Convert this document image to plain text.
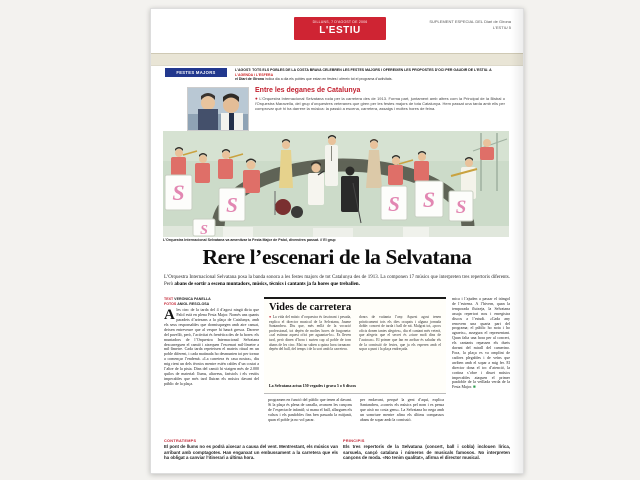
DILLUNS, 7 D'AGOST DE 2006
L'ESTIU
SUPLEMENT ESPECIAL DEL Diari de Girona
L'ESTIU 5
FESTES MAJORS	L'AGOST: TOTS ELS POBLES DE LA COSTA BRAVA CELEBREN LES FESTES MAJORS I OFEREIXEN LES PROPOSTES D'OCI PER GAUDIR DE L'ESTIU. A L'AGENDA i L'ESFERA
el Diari de Girona indica dia a dia els pobles que estan en festes i ofereix tot el programa d'activitats.
Entre les deganes de Catalunya
● L'Orquestra Internacional Selvatana roda per la carretera des de 1913. Forma part, juntament amb altres com la Principal de la Bisbal o l'Orquestra Maravella, del grup d'orquestres veteranes que giren per les festes majors de tota Catalunya. Hem passat una tarda amb ells per comprovar què hi ha darrere la música: la passió a escena, carretera, assaigs i moltes hores de feina.
S S
S
S S S
L'Orquestra Internacional Selvatana va amenitzar la Festa Major de Palol, divendres passat. // El grup
Rere l’escenari de la Selvatana
L’Orquestra Internacional Selvatana posa la banda sonora a les festes majors de tot Catalunya des de 1913. La componen 17 músics que interpreten tres repertoris diferents. Però abans de sortir a escena muntadors, músics, tècnics i cantants ja fa hores que treballen.
TEXT VERÒNICA PANELLA
FOTOS ANIOL RESCLOSA
A les cinc de la tarda del 4 d’agost ningú diria que Palol està en plena Festa Major. Només uns quants paradets d’artesans a la plaça de Catalunya, amb els seus responsables que dormisquegen amb aire cansat, deixen entreveure que al vespre hi haurà gresca. Darrere del pavelló, però, l’activitat és frenètica des de fa hores: els muntadors de l’Orquestra Internacional Selvatana descarreguen el camió i aixequen l’escenari mil·límetre a mil·límetre. Cada tarda repeteixen el mateix ritual en un poble diferent, i cada matinada ho desmunten tot per tornar a començar l’endemà. «La carretera és casa nostra», diu mig rient un dels tècnics mentre estén cables d’un costat a l’altre de la pista. Dins del camió hi viatgen més de 2.000 quilos de material: llums, altaveus, faristols i els vestits impecables que més tard lluiran els músics davant del públic de la plaça.
Vides de carretera
● La vida del músic d’orquestra és fascinant i pesada, explica el director musical de la Selvatana, Jaume Santandreu. Diu que, més enllà de la vocació professional, tot depèn de moltes hores de furgoneta: «cal estimar aquest ofici per aguantar-lo». Es lleven tard, però dinen d’hora i surten cap al poble de torn abans de les cinc. Mai no saben a quina hora tornaran: depèn del ball, del temps i de la sort amb la carretera.
doncs de vuitanta l’any. Aquest agost tenen pràcticament tots els dies ocupats i alguna jornada doble: concert de tarda i ball de nit. Malgrat tot, «pocs oficis donen tantes alegries», diu el cantant més veterà, que afegeix que el secret és «riure molt dins de l’autocar». El primer que fan en arribar és saludar els de la comissió de festes, que ja els esperen amb el sopar a punt i la plaça endreçada.
La Selvatana actua 150 vegades i grava 5 o 6 discos
programen en funció del públic que tenen al davant. Si la plaça és plena de canalla, avancen les cançons de l’espectacle infantil; si mana el ball, allarguen els valsos i els pasdobles fins ben passada la mitjanit, quan el poble ja no vol parar.
per endavant, perquè la gent d’aquí, explica Santandreu, «coneix els músics pel nom i es pensa que això no costa gens». La Selvatana ho nega amb un somriure mentre afina els últims compassos abans de sopar amb la comissió.
mica i l’ajuden a passar el tràngol de l’estrena. A l’hivern, quan la temporada fluixeja, la Selvatana assaja repertori nou i enregistra discos a l’estudi. «Cada any renovem una quarta part del programa; el públic ho nota i ho agraeix», assegura el representant. Quan falta una hora per al concert, els cantants repassen els duets davant del mirall del camerino. Fora, la plaça es va omplint de cadires plegables i de veïns que arriben amb el sopar a mig fer. El director dona el toc d’atenció, la cortina s’obre i disset músics impecables ataquen el primer pasdoble de la vetllada verda de la Festa Major. ■
CONTRATEMPS
El pont de llums no es podrà aixecar a causa del vent. Mentrestant, els músics van arribant amb comptagotes. Han enganxat un embussament a la carretera que els ha obligat a canviar l’itinerari a última hora.
PRINCIPIS
Els tres repertoris de la Selvatana (concert, ball i cobla) inclouen lírica, sarsuela, cançó catalana i números de musicals famosos. No interpreten cançons de moda. «No tenim qualitat», afirma el director musical.
